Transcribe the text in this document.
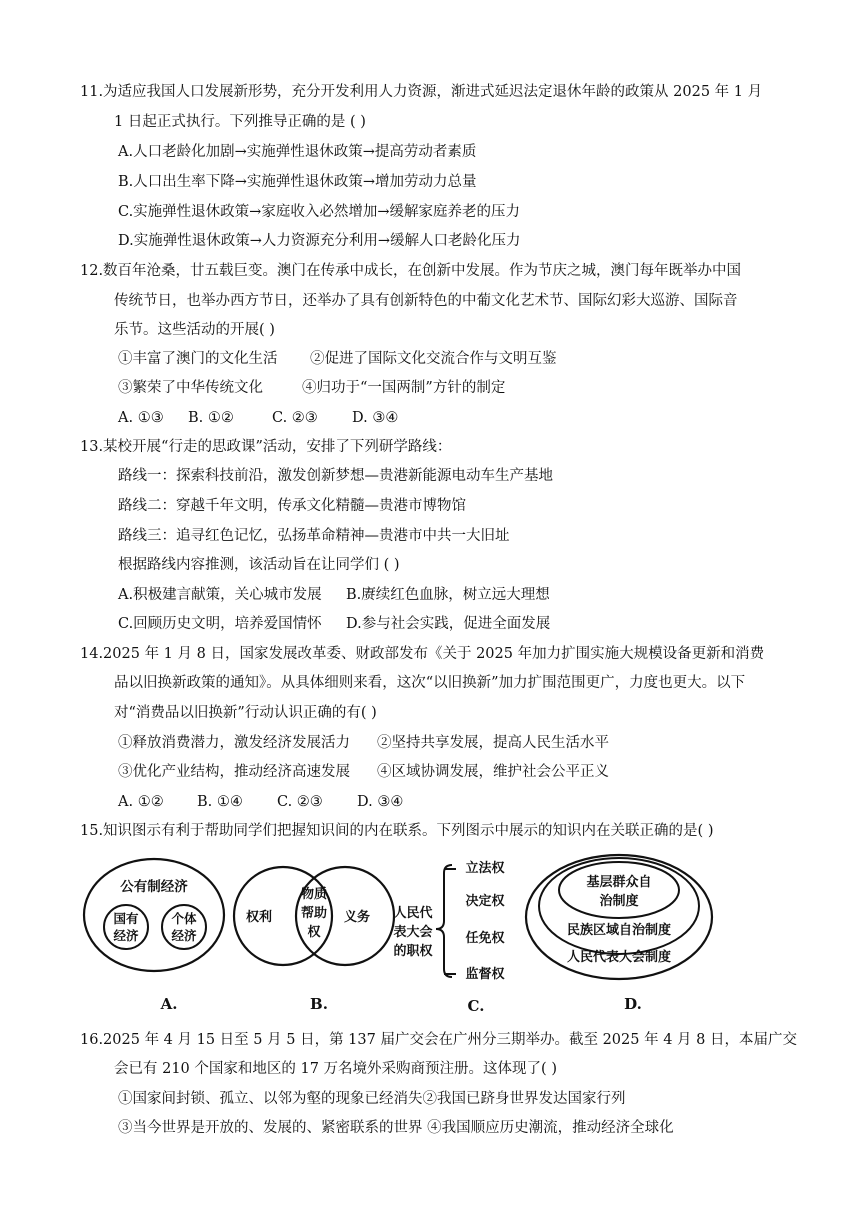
11.为适应我国人口发展新形势，充分开发利用人力资源，渐进式延迟法定退休年龄的政策从 2025 年 1 月
1 日起正式执行。下列推导正确的是 ( )
A.人口老龄化加剧→实施弹性退休政策→提高劳动者素质
B.人口出生率下降→实施弹性退休政策→增加劳动力总量
C.实施弹性退休政策→家庭收入必然增加→缓解家庭养老的压力
D.实施弹性退休政策→人力资源充分利用→缓解人口老龄化压力
12.数百年沧桑，廿五载巨变。澳门在传承中成长，在创新中发展。作为节庆之城，澳门每年既举办中国
传统节日，也举办西方节日，还举办了具有创新特色的中葡文化艺术节、国际幻彩大巡游、国际音
乐节。这些活动的开展( )
①丰富了澳门的文化生活 ②促进了国际文化交流合作与文明互鉴
③繁荣了中华传统文化	④归功于“一国两制”方针的制定
A. ①③ B. ①②	C. ②③ D. ③④
13.某校开展“行走的思政课”活动，安排了下列研学路线：
路线一：探索科技前沿，激发创新梦想—贵港新能源电动车生产基地
路线二：穿越千年文明，传承文化精髓—贵港市博物馆
路线三：追寻红色记忆，弘扬革命精神—贵港市中共一大旧址
根据路线内容推测，该活动旨在让同学们 ( )
A.积极建言献策，关心城市发展 B.赓续红色血脉，树立远大理想
C.回顾历史文明，培养爱国情怀 D.参与社会实践，促进全面发展
14.2025 年 1 月 8 日，国家发展改革委、财政部发布《关于 2025 年加力扩围实施大规模设备更新和消费
品以旧换新政策的通知》。从具体细则来看，这次“以旧换新”加力扩围范围更广，力度也更大。以下
对“消费品以旧换新”行动认识正确的有( )
①释放消费潜力，激发经济发展活力 ②坚持共享发展，提高人民生活水平
③优化产业结构，推动经济高速发展 ④区域协调发展，维护社会公平正义
A. ①② B. ①④ C. ②③ D. ③④
15.知识图示有利于帮助同学们把握知识间的内在联系。下列图示中展示的知识内在关联正确的是( )
公有制经济
国有
经济
个体
经济
A.
权利
物质
帮助
权
义务
B.
人民代
表大会
的职权
立法权
决定权
任免权
监督权
C.
基层群众自
治制度
民族区域自治制度
人民代表大会制度
D.
16.2025 年 4 月 15 日至 5 月 5 日，第 137 届广交会在广州分三期举办。截至 2025 年 4 月 8 日，本届广交
会已有 210 个国家和地区的 17 万名境外采购商预注册。这体现了( )
①国家间封锁、孤立、以邻为壑的现象已经消失②我国已跻身世界发达国家行列
③当今世界是开放的、发展的、紧密联系的世界 ④我国顺应历史潮流，推动经济全球化
